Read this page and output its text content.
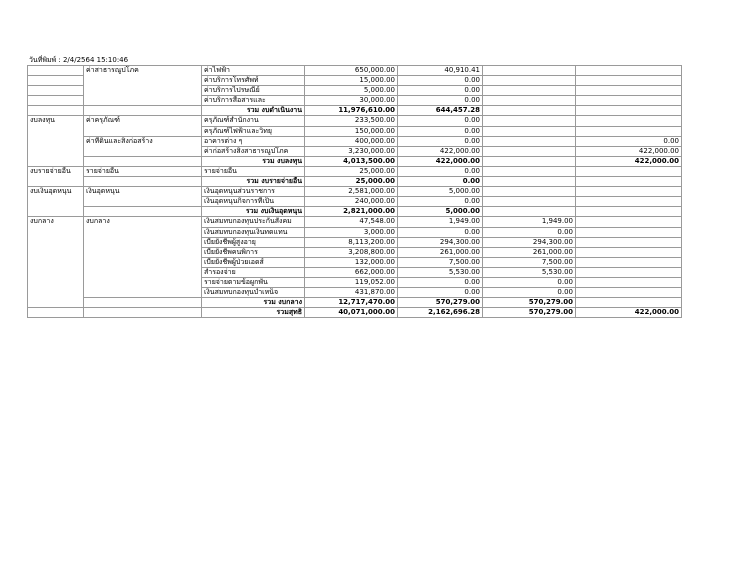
วันที่พิมพ์ : 2/4/2564 15:10:46
	ค่าสาธารณูปโภค	ค่าไฟฟ้า	650,000.00	40,910.41		
		ค่าบริการโทรศัพท์	15,000.00	0.00		
		ค่าบริการไปรษณีย์	5,000.00	0.00		
		ค่าบริการสื่อสารและ	30,000.00	0.00		
		รวม งบดำเนินงาน	11,976,610.00	644,457.28		
งบลงทุน	ค่าครุภัณฑ์	ครุภัณฑ์สำนักงาน	233,500.00	0.00		
		ครุภัณฑ์ไฟฟ้าและวิทยุ	150,000.00	0.00		
	ค่าที่ดินและสิ่งก่อสร้าง	อาคารต่าง ๆ	400,000.00	0.00		0.00
		ค่าก่อสร้างสิ่งสาธารณูปโภค	3,230,000.00	422,000.00		422,000.00
		รวม งบลงทุน	4,013,500.00	422,000.00		422,000.00
งบรายจ่ายอื่น	รายจ่ายอื่น	รายจ่ายอื่น	25,000.00	0.00		
		รวม งบรายจ่ายอื่น	25,000.00	0.00		
งบเงินอุดหนุน	เงินอุดหนุน	เงินอุดหนุนส่วนราชการ	2,581,000.00	5,000.00		
		เงินอุดหนุนกิจการที่เป็น	240,000.00	0.00		
		รวม งบเงินอุดหนุน	2,821,000.00	5,000.00		
งบกลาง	งบกลาง	เงินสมทบกองทุนประกันสังคม	47,548.00	1,949.00	1,949.00	
		เงินสมทบกองทุนเงินทดแทน	3,000.00	0.00	0.00	
		เบี้ยยังชีพผู้สูงอายุ	8,113,200.00	294,300.00	294,300.00	
		เบี้ยยังชีพคนพิการ	3,208,800.00	261,000.00	261,000.00	
		เบี้ยยังชีพผู้ป่วยเอดส์	132,000.00	7,500.00	7,500.00	
		สำรองจ่าย	662,000.00	5,530.00	5,530.00	
		รายจ่ายตามข้อผูกพัน	119,052.00	0.00	0.00	
		เงินสมทบกองทุนบำเหน็จ	431,870.00	0.00	0.00	
		รวม งบกลาง	12,717,470.00	570,279.00	570,279.00	
		รวมสุทธิ	40,071,000.00	2,162,696.28	570,279.00	422,000.00
